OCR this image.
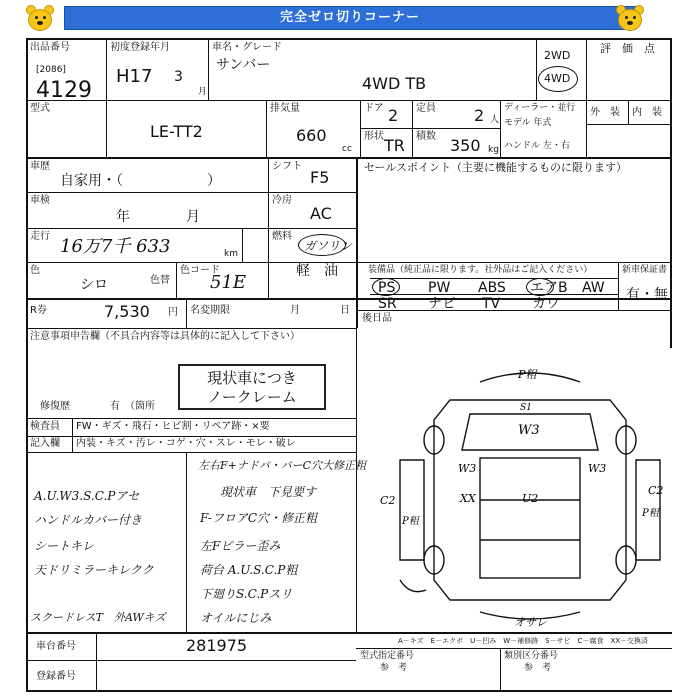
完全ゼロ切りコーナー
出品番号
[2086]
4129
初度登録年月
H17 3
月
車名・グレード
サンバー
4WD TB
2WD
4WD
評　価　点
外　装 内　装
型式
LE-TT2
排気量
660
cc
ドア 2 定員 2 人
形状 TR 積数 350 kg
ディーラー・並行
モデル 年式
ハンドル 左・右
車歴
自家用・（　　　　　　）
車検
年	月
走行 16万7千 633	km
色
シロ	色替
色コード
51E
シフト
F5
冷房
AC
燃料
ガソリン
軽　油
セールスポイント（主要に機能するものに限ります）
装備品（純正品に限ります。社外品はご記入ください）
PS PW ABS エアB AW
SR ナビ TV カワ
新車保証書
有・無
後日品
R券	7,530 円 名変期限	月	日
注意事項申告欄（不具合内容等は具体的に記入して下さい）
現状車につき
ノークレーム
修復歴	有　（箇所
検査員 FW・ギズ・飛石・ヒビ割・リペア跡・×要
記入欄 内装・キズ・汚レ・コゲ・穴・スレ・モレ・破レ
A.U.W3.S.C.Pアセ
ハンドルカバー付き
シートキレ
天ドリミラーキレクク
スクードレスT　外AWキズ
左右F+ナドパ・バーC穴大修正粗
現状車　下見要す
F-フロアC穴・修正粗
左Fピラー歪み
荷台 A.U.S.C.P粗
下廻りS.C.Pスリ
オイルにじみ
P粗
W3
W3	W3
XX	U2
C2
C2
P粗
P粗
S1
オサレ
A－キズ　E－エクボ　U－凹み　W－補修跡　S－サビ　C－腐食　XX－交換済
車台番号	281975
登録番号
型式指定番号
参　考
類別区分番号
参　考
